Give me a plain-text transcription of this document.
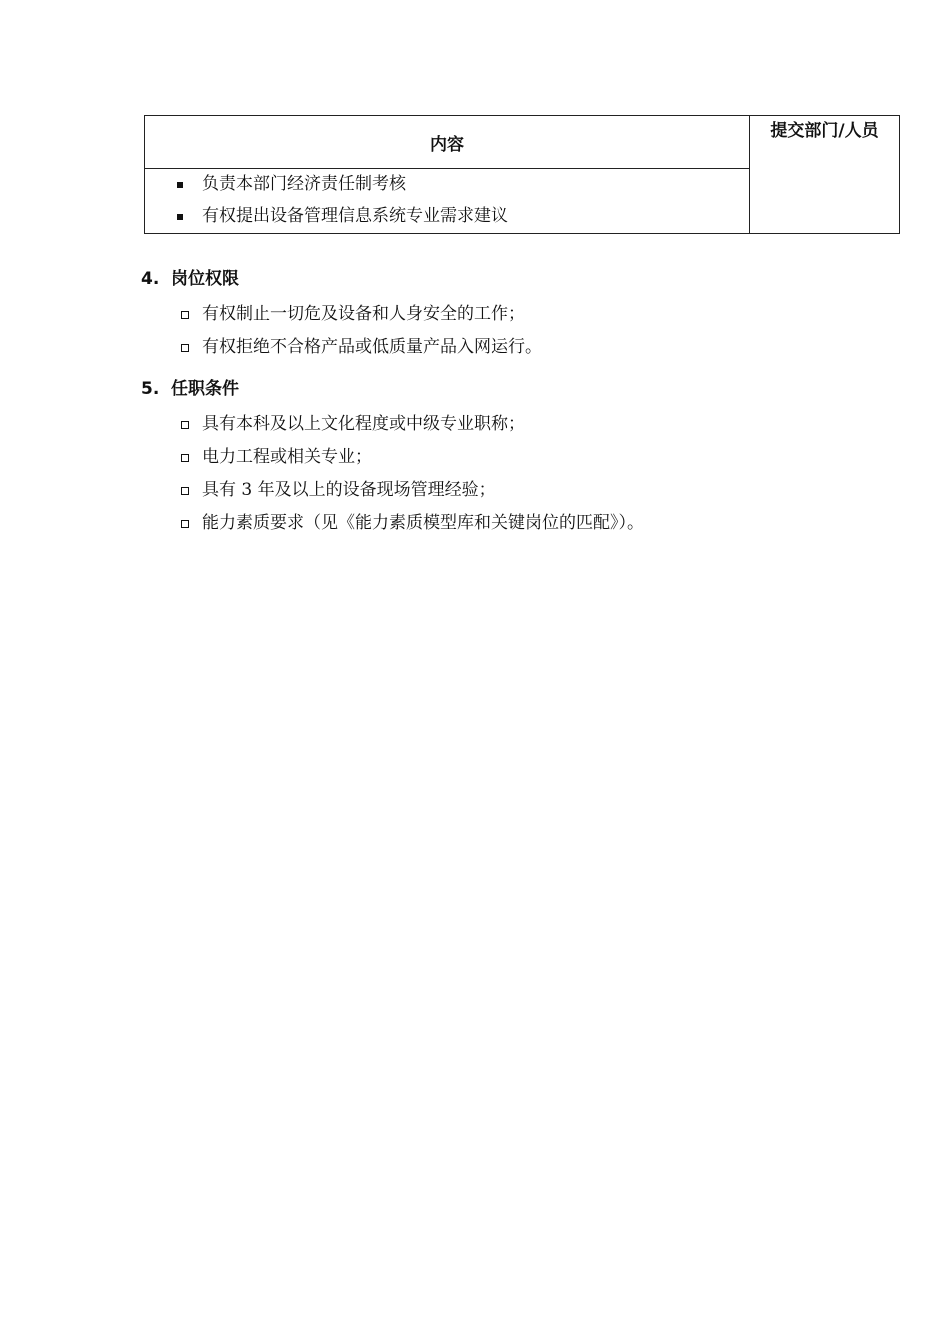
内容	提交部门/人员

负责本部门经济责任制考核
有权提出设备管理信息系统专业需求建议
4. 岗位权限
有权制止一切危及设备和人身安全的工作；
有权拒绝不合格产品或低质量产品入网运行。
5. 任职条件
具有本科及以上文化程度或中级专业职称；
电力工程或相关专业；
具有 3 年及以上的设备现场管理经验；
能力素质要求（见《能力素质模型库和关键岗位的匹配》）。
